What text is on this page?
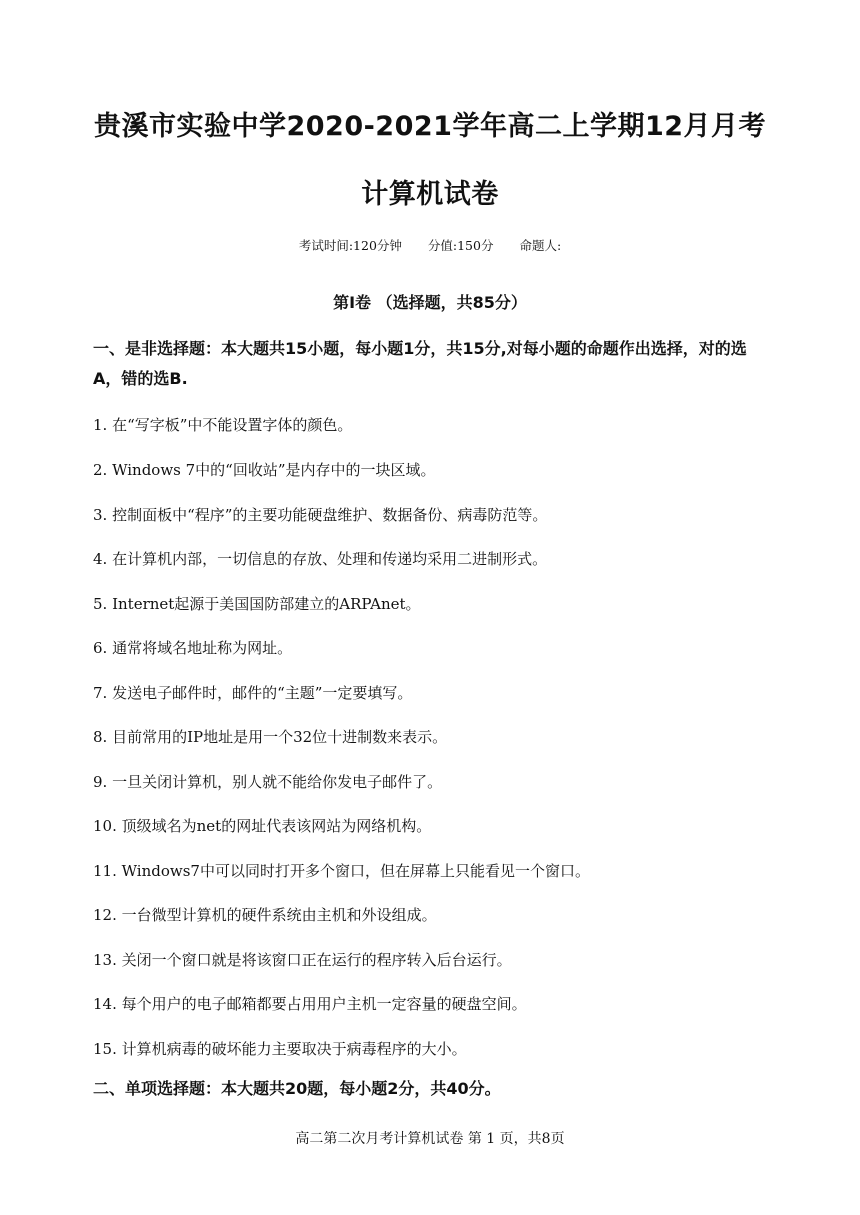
贵溪市实验中学2020-2021学年高二上学期12月月考
计算机试卷
考试时间:120分钟 分值:150分 命题人:
第Ⅰ卷 （选择题，共85分）
一、是非选择题：本大题共15小题，每小题1分，共15分,对每小题的命题作出选择，对的选A，错的选B.
1. 在“写字板”中不能设置字体的颜色。
2. Windows 7中的“回收站”是内存中的一块区域。
3. 控制面板中“程序”的主要功能硬盘维护、数据备份、病毒防范等。
4. 在计算机内部，一切信息的存放、处理和传递均采用二进制形式。
5. Internet起源于美国国防部建立的ARPAnet。
6. 通常将域名地址称为网址。
7. 发送电子邮件时，邮件的“主题”一定要填写。
8. 目前常用的IP地址是用一个32位十进制数来表示。
9. 一旦关闭计算机，别人就不能给你发电子邮件了。
10. 顶级域名为net的网址代表该网站为网络机构。
11. Windows7中可以同时打开多个窗口，但在屏幕上只能看见一个窗口。
12. 一台微型计算机的硬件系统由主机和外设组成。
13. 关闭一个窗口就是将该窗口正在运行的程序转入后台运行。
14. 每个用户的电子邮箱都要占用用户主机一定容量的硬盘空间。
15. 计算机病毒的破坏能力主要取决于病毒程序的大小。
二、单项选择题：本大题共20题，每小题2分，共40分。
高二第二次月考计算机试卷 第 1 页，共8页
